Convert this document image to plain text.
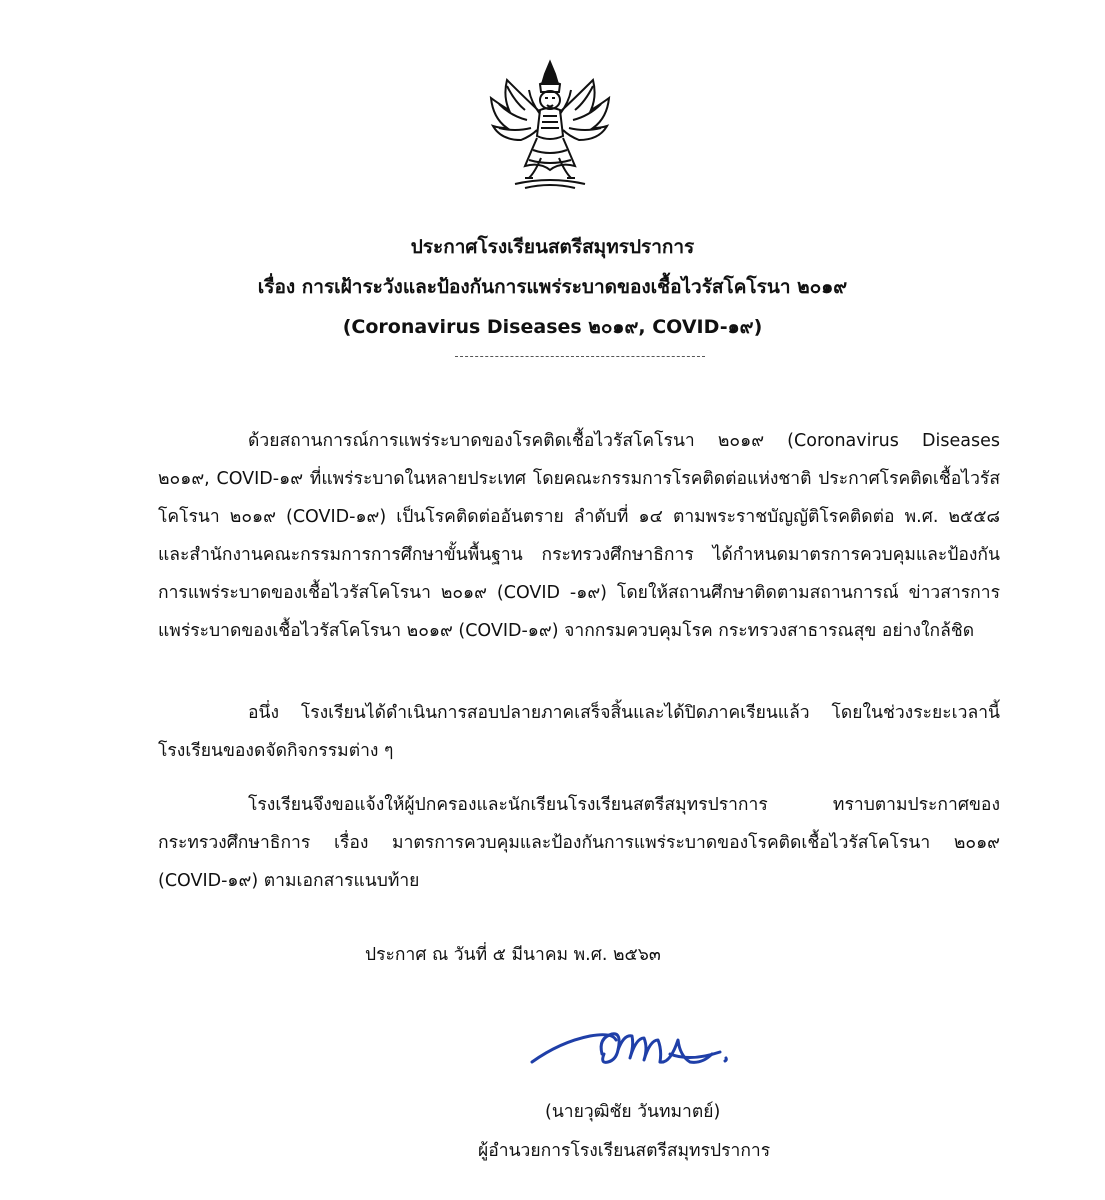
ประกาศโรงเรียนสตรีสมุทรปราการ
เรื่อง การเฝ้าระวังและป้องกันการแพร่ระบาดของเชื้อไวรัสโคโรนา ๒๐๑๙
(Coronavirus Diseases ๒๐๑๙, COVID-๑๙)

ด้วยสถานการณ์การแพร่ระบาดของโรคติดเชื้อไวรัสโคโรนา ๒๐๑๙ (Coronavirus Diseases ๒๐๑๙, COVID-๑๙ ที่แพร่ระบาดในหลายประเทศ โดยคณะกรรมการโรคติดต่อแห่งชาติ ประกาศโรคติดเชื้อไวรัสโคโรนา ๒๐๑๙ (COVID-๑๙) เป็นโรคติดต่ออันตราย ลำดับที่ ๑๔ ตามพระราชบัญญัติโรคติดต่อ พ.ศ. ๒๕๕๘ และสำนักงานคณะกรรมการการศึกษาขั้นพื้นฐาน กระทรวงศึกษาธิการ ได้กำหนดมาตรการควบคุมและป้องกันการแพร่ระบาดของเชื้อไวรัสโคโรนา ๒๐๑๙ (COVID -๑๙) โดยให้สถานศึกษาติดตามสถานการณ์ ข่าวสารการแพร่ระบาดของเชื้อไวรัสโคโรนา ๒๐๑๙ (COVID-๑๙) จากกรมควบคุมโรค กระทรวงสาธารณสุข อย่างใกล้ชิด

อนึ่ง โรงเรียนได้ดำเนินการสอบปลายภาคเสร็จสิ้นและได้ปิดภาคเรียนแล้ว โดยในช่วงระยะเวลานี้ โรงเรียนของดจัดกิจกรรมต่าง ๆ

โรงเรียนจึงขอแจ้งให้ผู้ปกครองและนักเรียนโรงเรียนสตรีสมุทรปราการ ทราบตามประกาศของกระทรวงศึกษาธิการ เรื่อง มาตรการควบคุมและป้องกันการแพร่ระบาดของโรคติดเชื้อไวรัสโคโรนา ๒๐๑๙ (COVID-๑๙) ตามเอกสารแนบท้าย

ประกาศ ณ วันที่ ๕ มีนาคม พ.ศ. ๒๕๖๓
(นายวุฒิชัย วันทมาตย์)
ผู้อำนวยการโรงเรียนสตรีสมุทรปราการ
